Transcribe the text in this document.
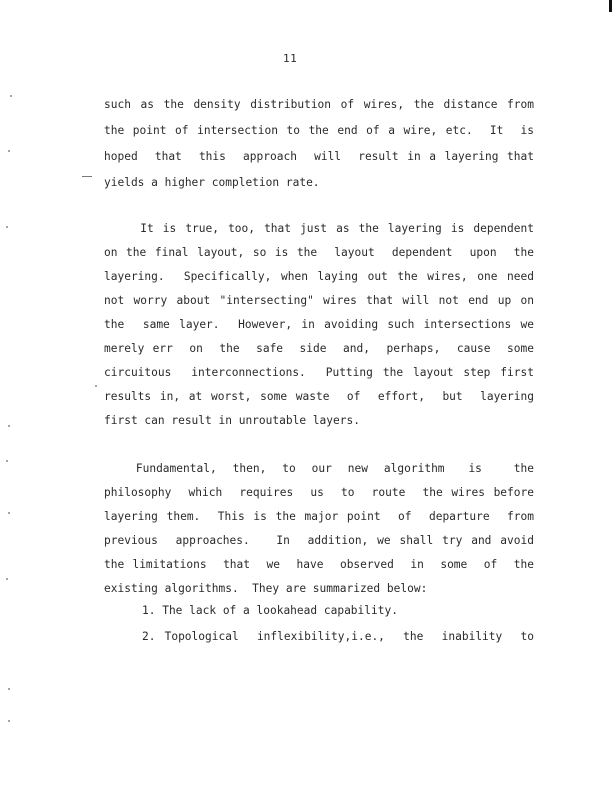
11
such as the density distribution of wires, the distance from
the point of intersection to the end of a wire, etc.  It  is
hoped  that  this  approach  will  result in a layering that
yields a higher completion rate.
It is true, too, that just as the layering is dependent
on the final layout, so is the  layout  dependent  upon  the
layering.  Specifically, when laying out the wires, one need
not worry about "intersecting" wires that will not end up on
the  same layer.  However, in avoiding such intersections we
merely err  on  the  safe  side  and,  perhaps,  cause  some
circuitous  interconnections.  Putting the layout step first
results in, at worst, some waste  of  effort,  but  layering
first can result in unroutable layers.
Fundamental,  then,  to  our  new  algorithm   is    the
philosophy  which  requires  us  to  route  the wires before
layering them.  This is the major point  of  departure  from
previous  approaches.   In  addition, we shall try and avoid
the limitations  that  we  have  observed  in  some  of  the
existing algorithms.  They are summarized below:
1. The lack of a lookahead capability.
2. Topological  inflexibility,i.e.,  the  inability  to
